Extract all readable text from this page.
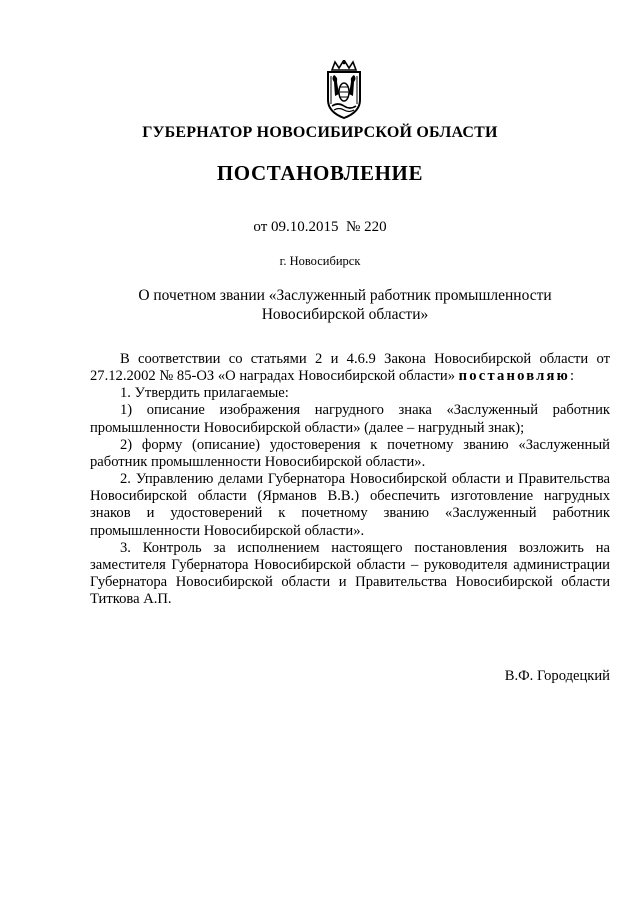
ГУБЕРНАТОР НОВОСИБИРСКОЙ ОБЛАСТИ
ПОСТАНОВЛЕНИЕ
от 09.10.2015 № 220
г. Новосибирск
О почетном звании «Заслуженный работник промышленности
Новосибирской области»

В соответствии со статьями 2 и 4.6.9 Закона Новосибирской области от 27.12.2002 № 85-ОЗ «О наградах Новосибирской области» постановляю:

1. Утвердить прилагаемые:

1) описание изображения нагрудного знака «Заслуженный работник промышленности Новосибирской области» (далее – нагрудный знак);

2) форму (описание) удостоверения к почетному званию «Заслуженный работник промышленности Новосибирской области».

2. Управлению делами Губернатора Новосибирской области и Правительства Новосибирской области (Ярманов В.В.) обеспечить изготовление нагрудных знаков и удостоверений к почетному званию «Заслуженный работник промышленности Новосибирской области».

3. Контроль за исполнением настоящего постановления возложить на заместителя Губернатора Новосибирской области – руководителя администрации Губернатора Новосибирской области и Правительства Новосибирской области Титкова А.П.

В.Ф. Городецкий
